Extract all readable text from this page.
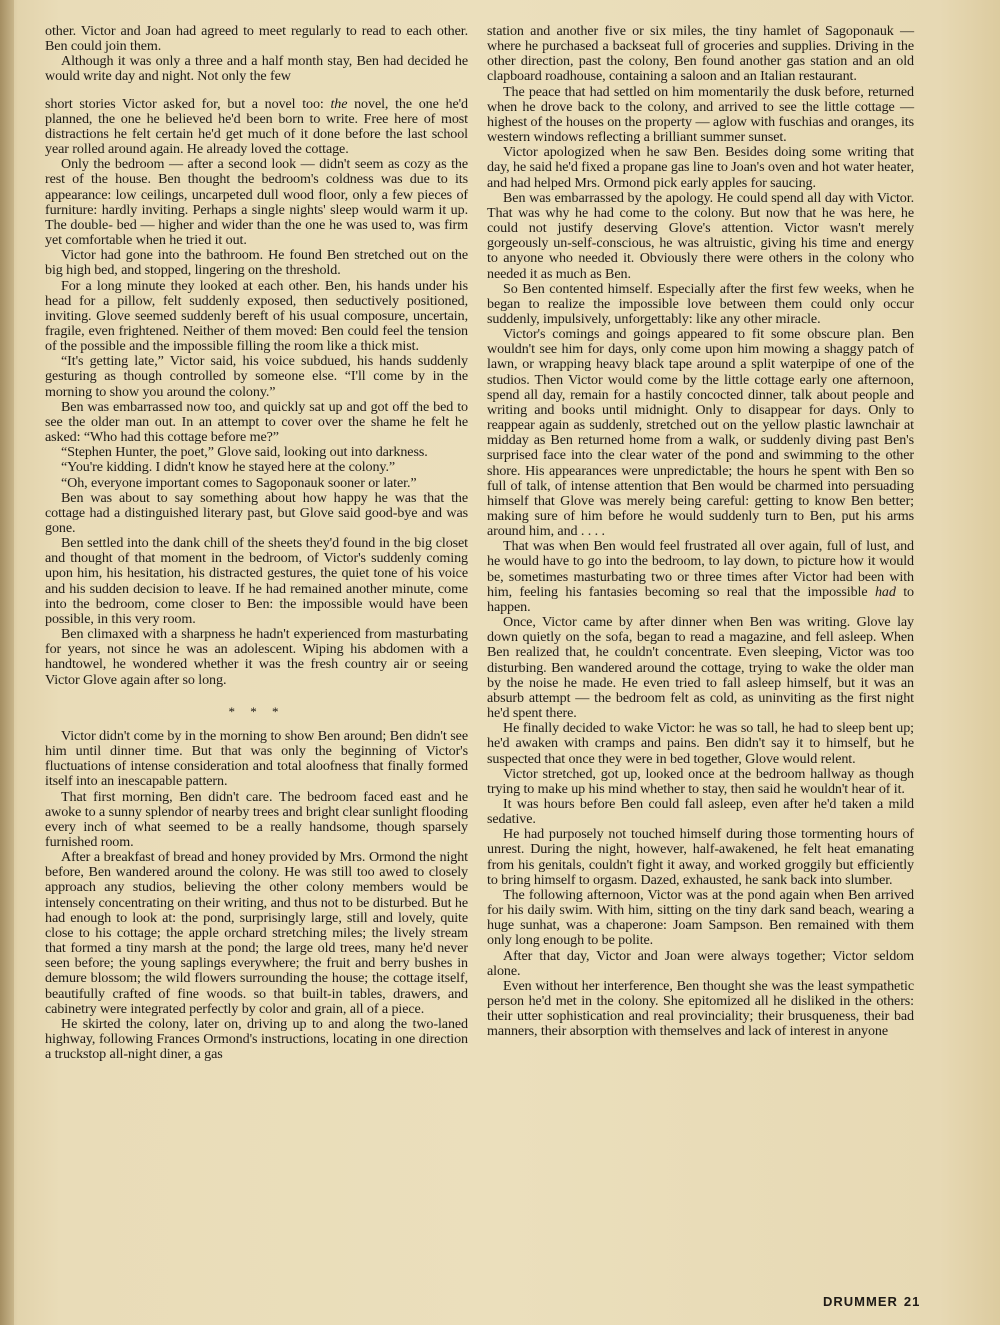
other. Victor and Joan had agreed to meet regularly to read to each other. Ben could join them.

Although it was only a three and a half month stay, Ben had decided he would write day and night. Not only the few

short stories Victor asked for, but a novel too: the novel, the one he'd planned, the one he believed he'd been born to write. Free here of most distractions he felt certain he'd get much of it done before the last school year rolled around again. He already loved the cottage.

Only the bedroom — after a second look — didn't seem as cozy as the rest of the house. Ben thought the bedroom's coldness was due to its appearance: low ceilings, uncarpeted dull wood floor, only a few pieces of furniture: hardly inviting. Perhaps a single nights' sleep would warm it up. The double- bed — higher and wider than the one he was used to, was firm yet comfortable when he tried it out.

Victor had gone into the bathroom. He found Ben stretched out on the big high bed, and stopped, lingering on the threshold.

For a long minute they looked at each other. Ben, his hands under his head for a pillow, felt suddenly exposed, then seductively positioned, inviting. Glove seemed suddenly bereft of his usual composure, uncertain, fragile, even frightened. Neither of them moved: Ben could feel the tension of the possible and the impossible filling the room like a thick mist.

“It's getting late,” Victor said, his voice subdued, his hands suddenly gesturing as though controlled by someone else. “I'll come by in the morning to show you around the colony.”

Ben was embarrassed now too, and quickly sat up and got off the bed to see the older man out. In an attempt to cover over the shame he felt he asked: “Who had this cottage before me?”

“Stephen Hunter, the poet,” Glove said, looking out into darkness.

“You're kidding. I didn't know he stayed here at the colony.”

“Oh, everyone important comes to Sagoponauk sooner or later.”

Ben was about to say something about how happy he was that the cottage had a distinguished literary past, but Glove said good-bye and was gone.

Ben settled into the dank chill of the sheets they'd found in the big closet and thought of that moment in the bedroom, of Victor's suddenly coming upon him, his hesitation, his distracted gestures, the quiet tone of his voice and his sudden decision to leave. If he had remained another minute, come into the bedroom, come closer to Ben: the impossible would have been possible, in this very room.

Ben climaxed with a sharpness he hadn't experienced from masturbating for years, not since he was an adolescent. Wiping his abdomen with a handtowel, he wondered whether it was the fresh country air or seeing Victor Glove again after so long.

* * *

Victor didn't come by in the morning to show Ben around; Ben didn't see him until dinner time. But that was only the beginning of Victor's fluctuations of intense consideration and total aloofness that finally formed itself into an inescapable pattern.

That first morning, Ben didn't care. The bedroom faced east and he awoke to a sunny splendor of nearby trees and bright clear sunlight flooding every inch of what seemed to be a really handsome, though sparsely furnished room.

After a breakfast of bread and honey provided by Mrs. Ormond the night before, Ben wandered around the colony. He was still too awed to closely approach any studios, believing the other colony members would be intensely concentrating on their writing, and thus not to be disturbed. But he had enough to look at: the pond, surprisingly large, still and lovely, quite close to his cottage; the apple orchard stretching miles; the lively stream that formed a tiny marsh at the pond; the large old trees, many he'd never seen before; the young saplings everywhere; the fruit and berry bushes in demure blossom; the wild flowers surrounding the house; the cottage itself, beautifully crafted of fine woods. so that built-in tables, drawers, and cabinetry were integrated perfectly by color and grain, all of a piece.

He skirted the colony, later on, driving up to and along the two-laned highway, following Frances Ormond's instructions, locating in one direction a truckstop all-night diner, a gas

station and another five or six miles, the tiny hamlet of Sagoponauk — where he purchased a backseat full of groceries and supplies. Driving in the other direction, past the colony, Ben found another gas station and an old clapboard roadhouse, containing a saloon and an Italian restaurant.

The peace that had settled on him momentarily the dusk before, returned when he drove back to the colony, and arrived to see the little cottage — highest of the houses on the property — aglow with fuschias and oranges, its western windows reflecting a brilliant summer sunset.

Victor apologized when he saw Ben. Besides doing some writing that day, he said he'd fixed a propane gas line to Joan's oven and hot water heater, and had helped Mrs. Ormond pick early apples for saucing.

Ben was embarrassed by the apology. He could spend all day with Victor. That was why he had come to the colony. But now that he was here, he could not justify deserving Glove's attention. Victor wasn't merely gorgeously un-self-conscious, he was altruistic, giving his time and energy to anyone who needed it. Obviously there were others in the colony who needed it as much as Ben.

So Ben contented himself. Especially after the first few weeks, when he began to realize the impossible love between them could only occur suddenly, impulsively, unforgettably: like any other miracle.

Victor's comings and goings appeared to fit some obscure plan. Ben wouldn't see him for days, only come upon him mowing a shaggy patch of lawn, or wrapping heavy black tape around a split waterpipe of one of the studios. Then Victor would come by the little cottage early one afternoon, spend all day, remain for a hastily concocted dinner, talk about people and writing and books until midnight. Only to disappear for days. Only to reappear again as suddenly, stretched out on the yellow plastic lawnchair at midday as Ben returned home from a walk, or suddenly diving past Ben's surprised face into the clear water of the pond and swimming to the other shore. His appearances were unpredictable; the hours he spent with Ben so full of talk, of intense attention that Ben would be charmed into persuading himself that Glove was merely being careful: getting to know Ben better; making sure of him before he would suddenly turn to Ben, put his arms around him, and . . . .

That was when Ben would feel frustrated all over again, full of lust, and he would have to go into the bedroom, to lay down, to picture how it would be, sometimes masturbating two or three times after Victor had been with him, feeling his fantasies becoming so real that the impossible had to happen.

Once, Victor came by after dinner when Ben was writing. Glove lay down quietly on the sofa, began to read a magazine, and fell asleep. When Ben realized that, he couldn't concentrate. Even sleeping, Victor was too disturbing. Ben wandered around the cottage, trying to wake the older man by the noise he made. He even tried to fall asleep himself, but it was an absurb attempt — the bedroom felt as cold, as uninviting as the first night he'd spent there.

He finally decided to wake Victor: he was so tall, he had to sleep bent up; he'd awaken with cramps and pains. Ben didn't say it to himself, but he suspected that once they were in bed together, Glove would relent.

Victor stretched, got up, looked once at the bedroom hallway as though trying to make up his mind whether to stay, then said he wouldn't hear of it.

It was hours before Ben could fall asleep, even after he'd taken a mild sedative.

He had purposely not touched himself during those tormenting hours of unrest. During the night, however, half-awakened, he felt heat emanating from his genitals, couldn't fight it away, and worked groggily but efficiently to bring himself to orgasm. Dazed, exhausted, he sank back into slumber.

The following afternoon, Victor was at the pond again when Ben arrived for his daily swim. With him, sitting on the tiny dark sand beach, wearing a huge sunhat, was a chaperone: Joam Sampson. Ben remained with them only long enough to be polite.

After that day, Victor and Joan were always together; Victor seldom alone.

Even without her interference, Ben thought she was the least sympathetic person he'd met in the colony. She epitomized all he disliked in the others: their utter sophistication and real provinciality; their brusqueness, their bad manners, their absorption with themselves and lack of interest in anyone

DRUMMER 21
